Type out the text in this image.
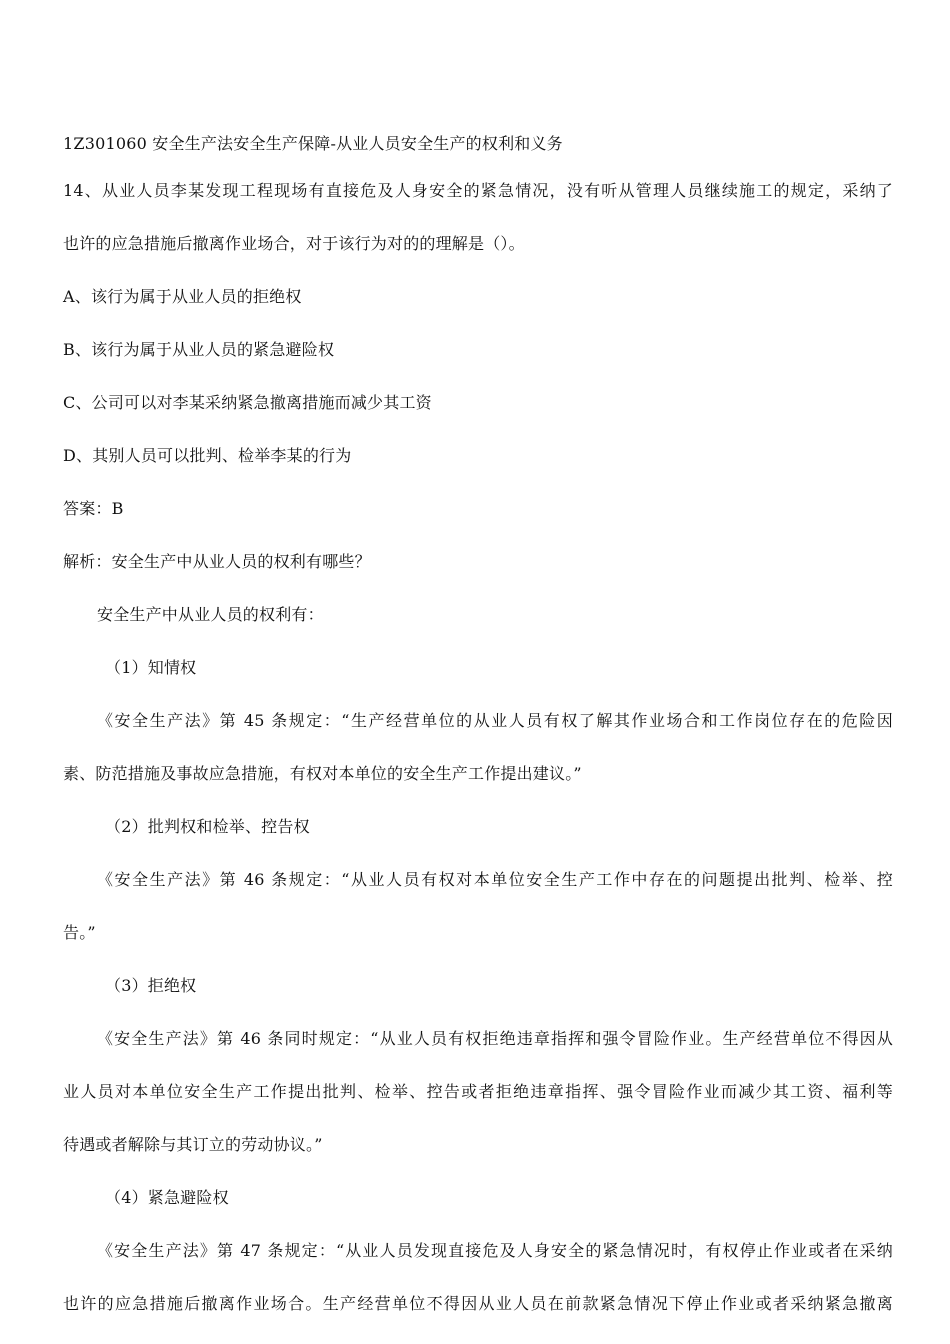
1Z301060 安全生产法安全生产保障-从业人员安全生产的权利和义务
14、从业人员李某发现工程现场有直接危及人身安全的紧急情况，没有听从管理人员继续施工的规定，采纳了
也许的应急措施后撤离作业场合，对于该行为对的的理解是（）。
A、该行为属于从业人员的拒绝权
B、该行为属于从业人员的紧急避险权
C、公司可以对李某采纳紧急撤离措施而减少其工资
D、其别人员可以批判、检举李某的行为
答案：B
解析：安全生产中从业人员的权利有哪些？
安全生产中从业人员的权利有：
（1）知情权
《安全生产法》第 45 条规定：“生产经营单位的从业人员有权了解其作业场合和工作岗位存在的危险因
素、防范措施及事故应急措施，有权对本单位的安全生产工作提出建议。”
（2）批判权和检举、控告权
《安全生产法》第 46 条规定：“从业人员有权对本单位安全生产工作中存在的问题提出批判、检举、控
告。”
（3）拒绝权
《安全生产法》第 46 条同时规定：“从业人员有权拒绝违章指挥和强令冒险作业。生产经营单位不得因从
业人员对本单位安全生产工作提出批判、检举、控告或者拒绝违章指挥、强令冒险作业而减少其工资、福利等
待遇或者解除与其订立的劳动协议。”
（4）紧急避险权
《安全生产法》第 47 条规定：“从业人员发现直接危及人身安全的紧急情况时，有权停止作业或者在采纳
也许的应急措施后撤离作业场合。生产经营单位不得因从业人员在前款紧急情况下停止作业或者采纳紧急撤离
